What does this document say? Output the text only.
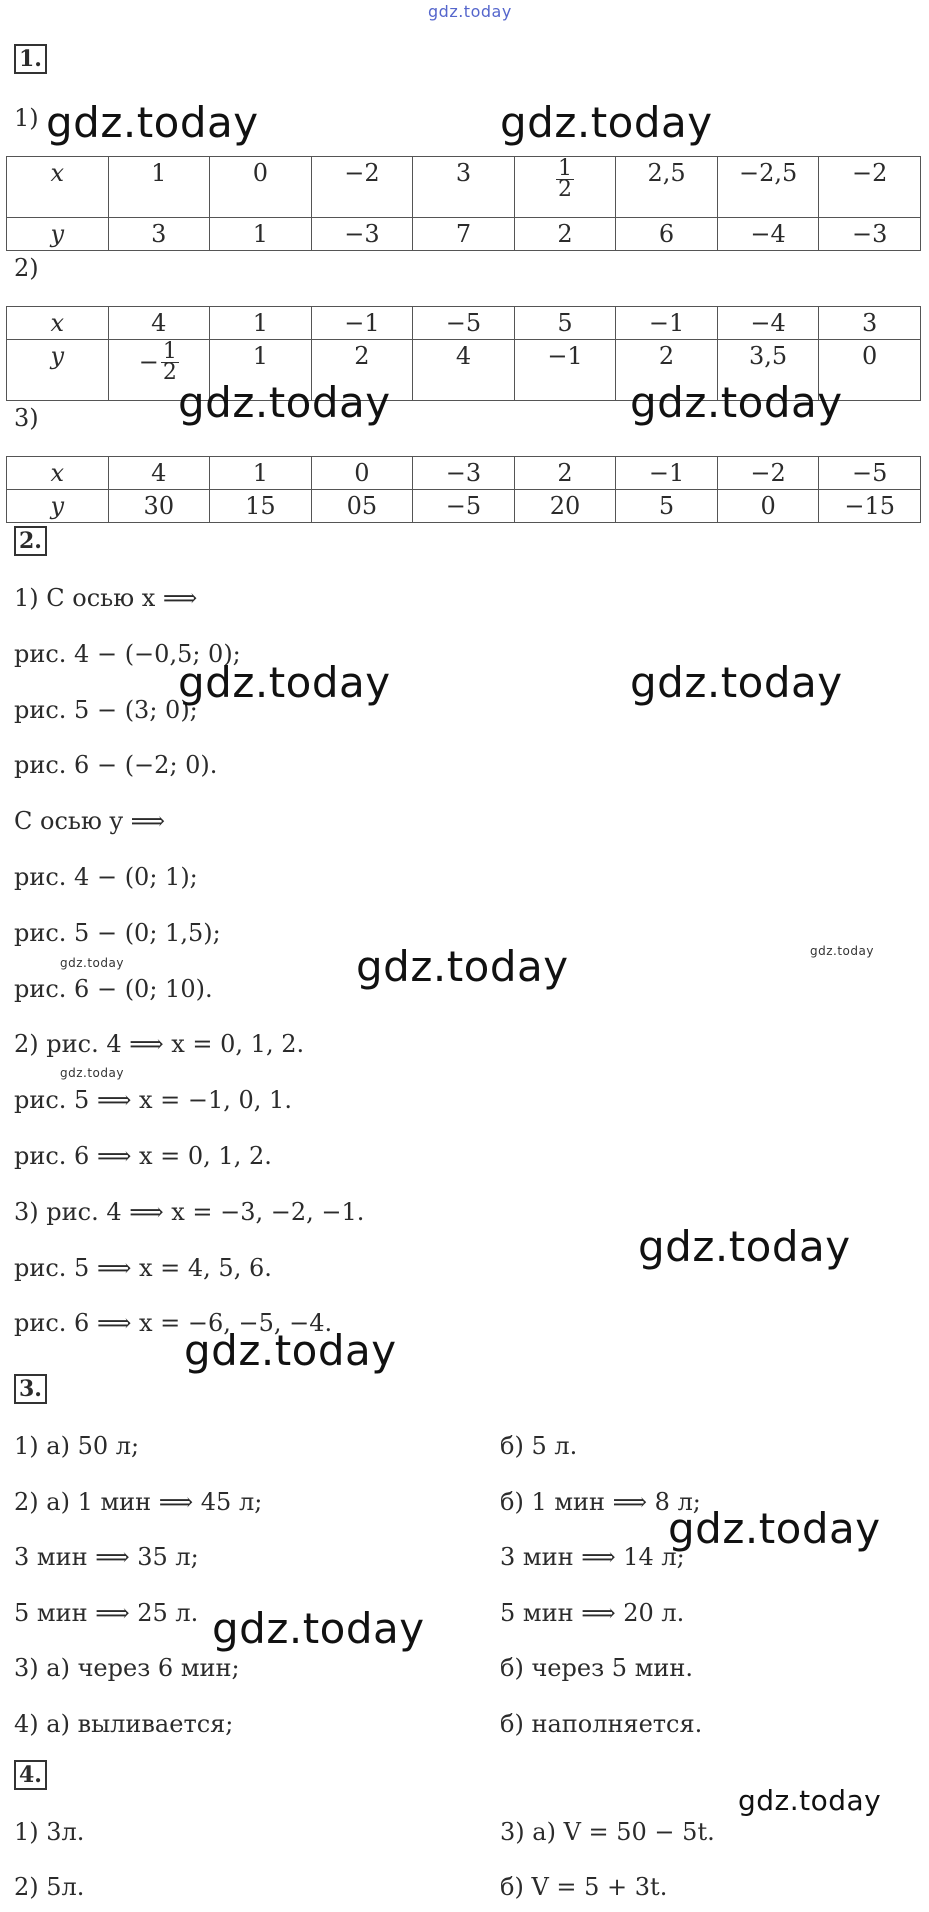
gdz.today
1.
1)
x	1	0	−2	3	$\frac{1}{2}$	2,5	−2,5	−2
y	3	1	−3	7	2	6	−4	−3
2)
x	4	1	−1	−5	5	−1	−4	3
y	− $\frac{1}{2}$	1	2	4	−1	2	3,5	0
3)
x	4	1	0	−3	2	−1	−2	−5
y	30	15	05	−5	20	5	0	−15
2.
1) С осью x ⟹
рис. 4 − (−0,5; 0);
рис. 5 − (3; 0);
рис. 6 − (−2; 0).
С осью y ⟹
рис. 4 − (0; 1);
рис. 5 − (0; 1,5);
рис. 6 − (0; 10).
2) рис. 4 ⟹ x = 0, 1, 2.
рис. 5 ⟹ x = −1, 0, 1.
рис. 6 ⟹ x = 0, 1, 2.
3) рис. 4 ⟹ x = −3, −2, −1.
рис. 5 ⟹ x = 4, 5, 6.
рис. 6 ⟹ x = −6, −5, −4.
3.
1) а) 50 л;
2) а) 1 мин ⟹ 45 л;
3 мин ⟹ 35 л;
5 мин ⟹ 25 л.
3) а) через 6 мин;
4) а) выливается;
б) 5 л.
б) 1 мин ⟹ 8 л;
3 мин ⟹ 14 л;
5 мин ⟹ 20 л.
б) через 5 мин.
б) наполняется.
4.
1) 3л.
2) 5л.
3) а) V = 50 − 5t.
б) V = 5 + 3t.
gdz.today	gdz.today
gdz.today	gdz.today
gdz.today	gdz.today
gdz.today
gdz.today
gdz.today
gdz.today
gdz.today
gdz.today
gdz.today
gdz.today
gdz.today
